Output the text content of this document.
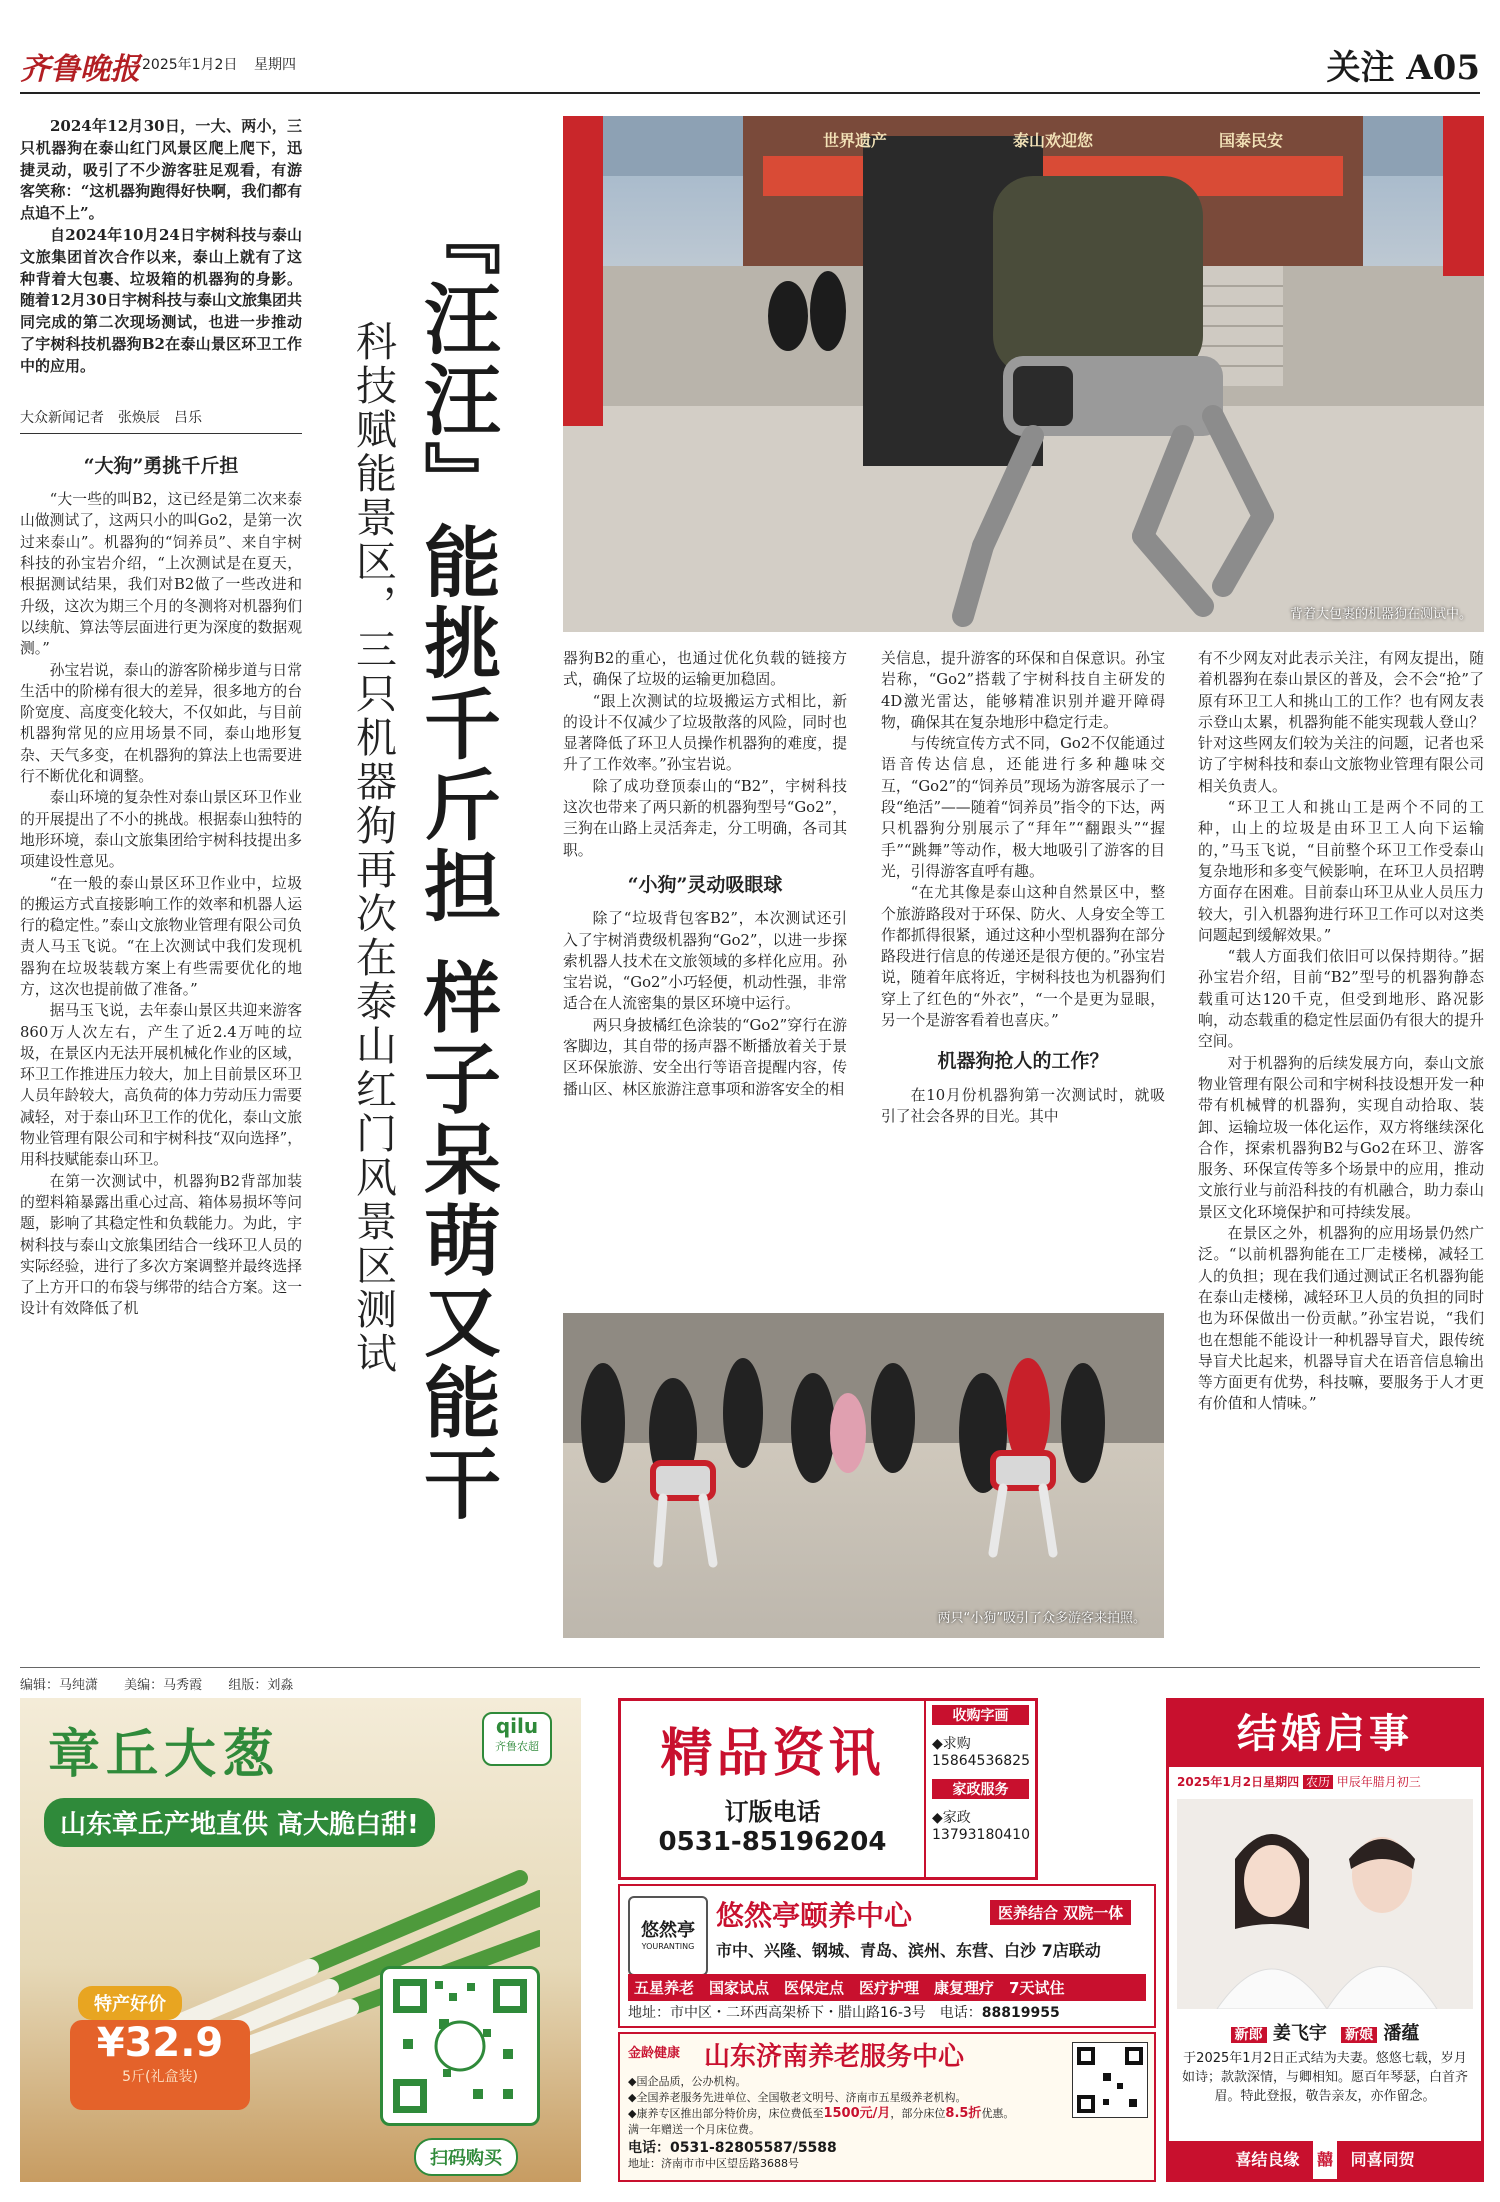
齐鲁晚报 2025年1月2日 星期四	关注 A05

2024年12月30日，一大、两小，三只机器狗在泰山红门风景区爬上爬下，迅捷灵动，吸引了不少游客驻足观看，有游客笑称：“这机器狗跑得好快啊，我们都有点追不上”。

自2024年10月24日宇树科技与泰山文旅集团首次合作以来，泰山上就有了这种背着大包裹、垃圾箱的机器狗的身影。随着12月30日宇树科技与泰山文旅集团共同完成的第二次现场测试，也进一步推动了宇树科技机器狗B2在泰山景区环卫工作中的应用。

大众新闻记者　张焕辰　吕乐
“大狗”勇挑千斤担

“大一些的叫B2，这已经是第二次来泰山做测试了，这两只小的叫Go2，是第一次过来泰山”。机器狗的“饲养员”、来自宇树科技的孙宝岩介绍，“上次测试是在夏天，根据测试结果，我们对B2做了一些改进和升级，这次为期三个月的冬测将对机器狗们以续航、算法等层面进行更为深度的数据观测。”

孙宝岩说，泰山的游客阶梯步道与日常生活中的阶梯有很大的差异，很多地方的台阶宽度、高度变化较大，不仅如此，与目前机器狗常见的应用场景不同，泰山地形复杂、天气多变，在机器狗的算法上也需要进行不断优化和调整。

泰山环境的复杂性对泰山景区环卫作业的开展提出了不小的挑战。根据泰山独特的地形环境，泰山文旅集团给宇树科技提出多项建设性意见。

“在一般的泰山景区环卫作业中，垃圾的搬运方式直接影响工作的效率和机器人运行的稳定性。”泰山文旅物业管理有限公司负责人马玉飞说。“在上次测试中我们发现机器狗在垃圾装载方案上有些需要优化的地方，这次也提前做了准备。”

据马玉飞说，去年泰山景区共迎来游客860万人次左右，产生了近2.4万吨的垃圾，在景区内无法开展机械化作业的区域，环卫工作推进压力较大，加上目前景区环卫人员年龄较大，高负荷的体力劳动压力需要减轻，对于泰山环卫工作的优化，泰山文旅物业管理有限公司和宇树科技“双向选择”，用科技赋能泰山环卫。

在第一次测试中，机器狗B2背部加装的塑料箱暴露出重心过高、箱体易损坏等问题，影响了其稳定性和负载能力。为此，宇树科技与泰山文旅集团结合一线环卫人员的实际经验，进行了多次方案调整并最终选择了上方开口的布袋与绑带的结合方案。这一设计有效降低了机	『汪汪』能挑千斤担 样子呆萌又能干
科技赋能景区，三只机器狗再次在泰山红门风景区测试
世界遗产	泰山欢迎您	国泰民安
背着大包裹的机器狗在测试中。

器狗B2的重心，也通过优化负载的链接方式，确保了垃圾的运输更加稳固。

“跟上次测试的垃圾搬运方式相比，新的设计不仅减少了垃圾散落的风险，同时也显著降低了环卫人员操作机器狗的难度，提升了工作效率。”孙宝岩说。

除了成功登顶泰山的“B2”，宇树科技这次也带来了两只新的机器狗型号“Go2”，三狗在山路上灵活奔走，分工明确，各司其职。

“小狗”灵动吸眼球

除了“垃圾背包客B2”，本次测试还引入了宇树消费级机器狗“Go2”，以进一步探索机器人技术在文旅领域的多样化应用。孙宝岩说，“Go2”小巧轻便，机动性强，非常适合在人流密集的景区环境中运行。

两只身披橘红色涂装的“Go2”穿行在游客脚边，其自带的扬声器不断播放着关于景区环保旅游、安全出行等语音提醒内容，传播山区、林区旅游注意事项和游客安全的相

关信息，提升游客的环保和自保意识。孙宝岩称，“Go2”搭载了宇树科技自主研发的4D激光雷达，能够精准识别并避开障碍物，确保其在复杂地形中稳定行走。

与传统宣传方式不同，Go2不仅能通过语音传达信息，还能进行多种趣味交互，“Go2”的“饲养员”现场为游客展示了一段“绝活”——随着“饲养员”指令的下达，两只机器狗分别展示了“拜年”“翻跟头”“握手”“跳舞”等动作，极大地吸引了游客的目光，引得游客直呼有趣。

“在尤其像是泰山这种自然景区中，整个旅游路段对于环保、防火、人身安全等工作都抓得很紧，通过这种小型机器狗在部分路段进行信息的传递还是很方便的。”孙宝岩说，随着年底将近，宇树科技也为机器狗们穿上了红色的“外衣”，“一个是更为显眼，另一个是游客看着也喜庆。”

机器狗抢人的工作？

在10月份机器狗第一次测试时，就吸引了社会各界的目光。其中

有不少网友对此表示关注，有网友提出，随着机器狗在泰山景区的普及，会不会“抢”了原有环卫工人和挑山工的工作？也有网友表示登山太累，机器狗能不能实现载人登山？针对这些网友们较为关注的问题，记者也采访了宇树科技和泰山文旅物业管理有限公司相关负责人。

“环卫工人和挑山工是两个不同的工种，山上的垃圾是由环卫工人向下运输的，”马玉飞说，“目前整个环卫工作受泰山复杂地形和多变气候影响，在环卫人员招聘方面存在困难。目前泰山环卫从业人员压力较大，引入机器狗进行环卫工作可以对这类问题起到缓解效果。”

“载人方面我们依旧可以保持期待。”据孙宝岩介绍，目前“B2”型号的机器狗静态载重可达120千克，但受到地形、路况影响，动态载重的稳定性层面仍有很大的提升空间。

对于机器狗的后续发展方向，泰山文旅物业管理有限公司和宇树科技设想开发一种带有机械臂的机器狗，实现自动拾取、装卸、运输垃圾一体化运作，双方将继续深化合作，探索机器狗B2与Go2在环卫、游客服务、环保宣传等多个场景中的应用，推动文旅行业与前沿科技的有机融合，助力泰山景区文化环境保护和可持续发展。

在景区之外，机器狗的应用场景仍然广泛。“以前机器狗能在工厂走楼梯，减轻工人的负担；现在我们通过测试正名机器狗能在泰山走楼梯，减轻环卫人员的负担的同时也为环保做出一份贡献。”孙宝岩说，“我们也在想能不能设计一种机器导盲犬，跟传统导盲犬比起来，机器导盲犬在语音信息输出等方面更有优势，科技嘛，要服务于人才更有价值和人情味。”

两只“小狗”吸引了众多游客来拍照。
编辑：马纯潇 美编：马秀霞 组版：刘淼
章丘大葱	qilu
齐鲁农超
山东章丘产地直供 高大脆白甜!
特产好价
¥32.9
5斤(礼盒装)
扫码购买
精品资讯
订版电话
0531-85196204
收购字画
◆求购
15864536825
家政服务
◆家政
13793180410
悠然亭
YOURANTING
悠然亭颐养中心	医养结合 双院一体
市中、兴隆、钢城、青岛、滨州、东营、白沙 7店联动
五星养老　国家试点　医保定点　医疗护理　康复理疗　7天试住
地址：市中区・二环西高架桥下・腊山路16-3号　电话：88819955
金龄健康 山东济南养老服务中心
◆国企品质，公办机构。
◆全国养老服务先进单位、全国敬老文明号、济南市五星级养老机构。
◆康养专区推出部分特价房，床位费低至1500元/月，部分床位8.5折优惠。
满一年赠送一个月床位费。
电话：0531-82805587/5588
地址：济南市市中区望岳路3688号
结婚启事
2025年1月2日星期四 农历 甲辰年腊月初三
新郎 姜飞宇 新娘 潘蕴
于2025年1月2日正式结为夫妻。悠悠七载，岁月如诗；款款深情，与卿相知。愿百年琴瑟，白首齐眉。特此登报，敬告亲友，亦作留念。
喜结良缘 囍 同喜同贺
